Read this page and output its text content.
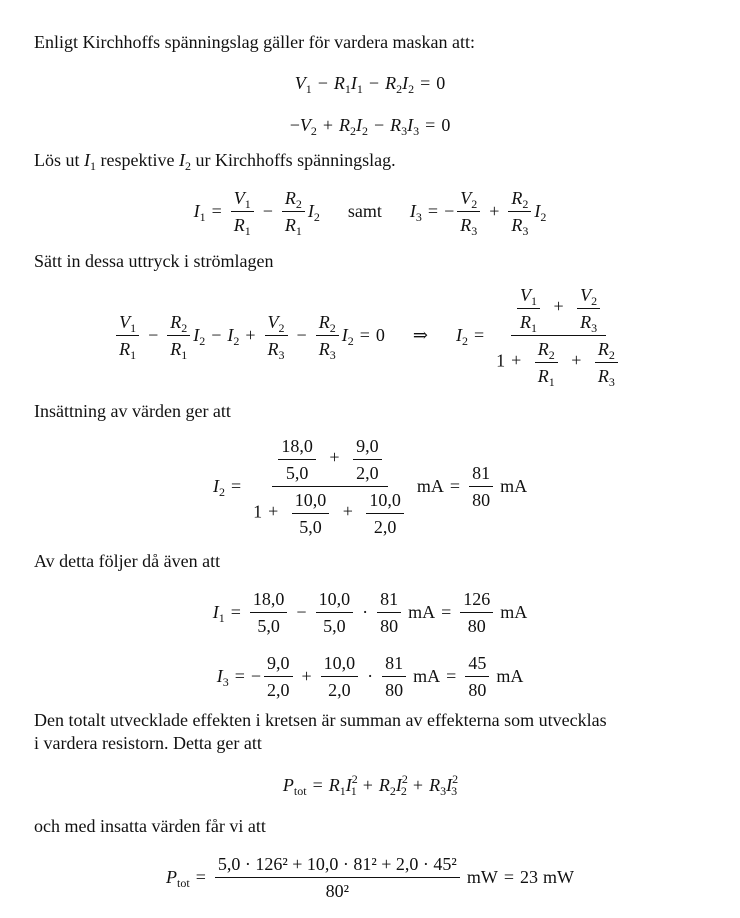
Enligt Kirchhoffs spänningslag gäller för vardera maskan att:
$V_1 - R_1I_1 - R_2I_2 = 0$
− $V_2 + R_2I_2 - R_3I_3 = 0$
Lös ut $I_1$ respektive $I_2$ ur Kirchhoffs spänningslag.
$I_1 = \frac{V_1}{R_1} - \frac{R_2}{R_1} I_2$ samt $I_3$ = − $\frac{V_2}{R_3} + \frac{R_2}{R_3} I_2$
Sätt in dessa uttryck i strömlagen
$\frac{V_1}{R_1} - \frac{R_2}{R_1} I_2 - I_2 + \frac{V_2}{R_3} - \frac{R_2}{R_3} I_2 = 0$ ⇒ $I_2 = \frac{\frac{V_1}{R_1} + \frac{V_2}{R_3}}{1 + \frac{R_2}{R_1} + \frac{R_2}{R_3}}$
Insättning av värden ger att
$I_2 = \frac{\frac{18,0}{5,0} + \frac{9,0}{2,0}}{1 + \frac{10,0}{5,0} + \frac{10,0}{2,0}}$ mA = $\frac{81}{80}$ mA
Av detta följer då även att
$I_1 = \frac{18,0}{5,0} - \frac{10,0}{5,0} \cdot \frac{81}{80}$ mA = $\frac{126}{80}$ mA
$I_3$ = − $\frac{9,0}{2,0} + \frac{10,0}{2,0} \cdot \frac{81}{80}$ mA = $\frac{45}{80}$ mA
Den totalt utvecklade effekten i kretsen är summan av effekterna som utvecklas
i vardera resistorn. Detta ger att
$P_{tot} = R_1I^2_1 + R_2I^2_2 + R_3I^2_3$
och med insatta värden får vi att
$P_{tot} = \frac{\text{5,0 · 126² + 10,0 · 81² + 2,0 · 45²}}{\text{80²}}$ mW = 23 mW
